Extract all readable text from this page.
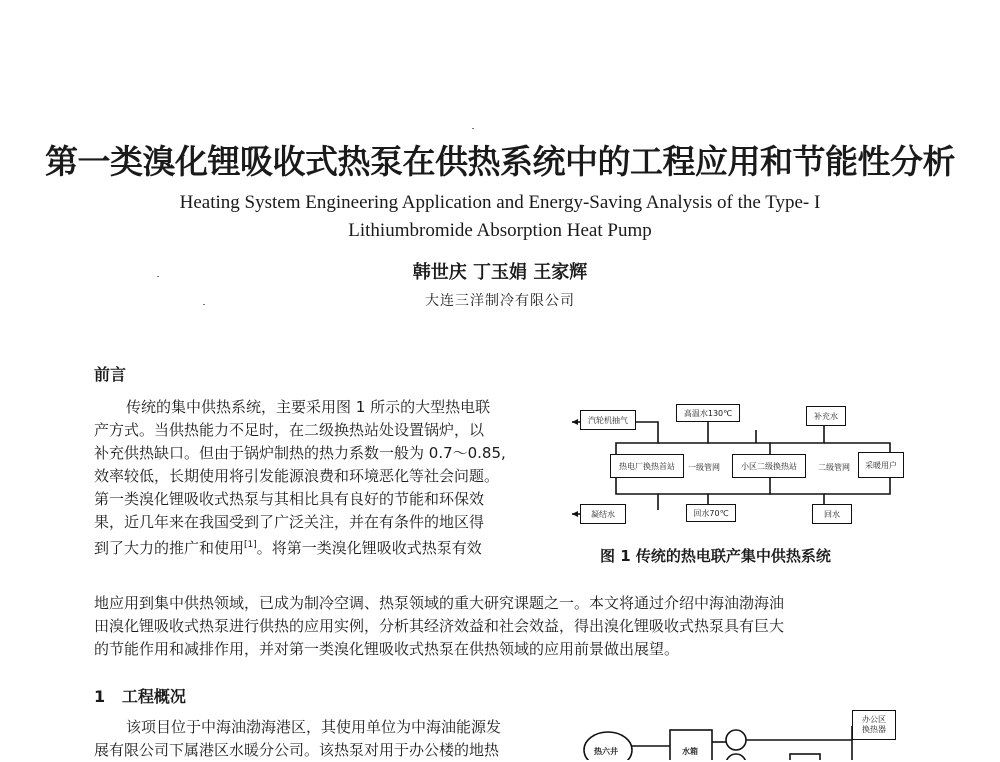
第一类溴化锂吸收式热泵在供热系统中的工程应用和节能性分析
Heating System Engineering Application and Energy-Saving Analysis of the Type- I
Lithiumbromide Absorption Heat Pump
韩世庆 丁玉娟 王家辉
大连三洋制冷有限公司
前言
传统的集中供热系统，主要采用图 1 所示的大型热电联
产方式。当供热能力不足时，在二级换热站处设置锅炉，以
补充供热缺口。但由于锅炉制热的热力系数一般为 0.7～0.85,
效率较低，长期使用将引发能源浪费和环境恶化等社会问题。
第一类溴化锂吸收式热泵与其相比具有良好的节能和环保效
果，近几年来在我国受到了广泛关注，并在有条件的地区得
到了大力的推广和使用[1]。将第一类溴化锂吸收式热泵有效
地应用到集中供热领域，已成为制冷空调、热泵领域的重大研究课题之一。本文将通过介绍中海油渤海油
田溴化锂吸收式热泵进行供热的应用实例，分析其经济效益和社会效益，得出溴化锂吸收式热泵具有巨大
的节能作用和减排作用，并对第一类溴化锂吸收式热泵在供热领域的应用前景做出展望。
1 工程概况
该项目位于中海油渤海港区，其使用单位为中海油能源发
展有限公司下属港区水暖分公司。该热泵对用于办公楼的地热
汽轮机抽气
高温水130℃	补充水
热电厂换热首站	一级管网	小区二级换热站	二级管网	采暖用户
凝结水	回水70℃	回水
图 1 传统的热电联产集中供热系统
热六井	水箱
办公区
换热器
